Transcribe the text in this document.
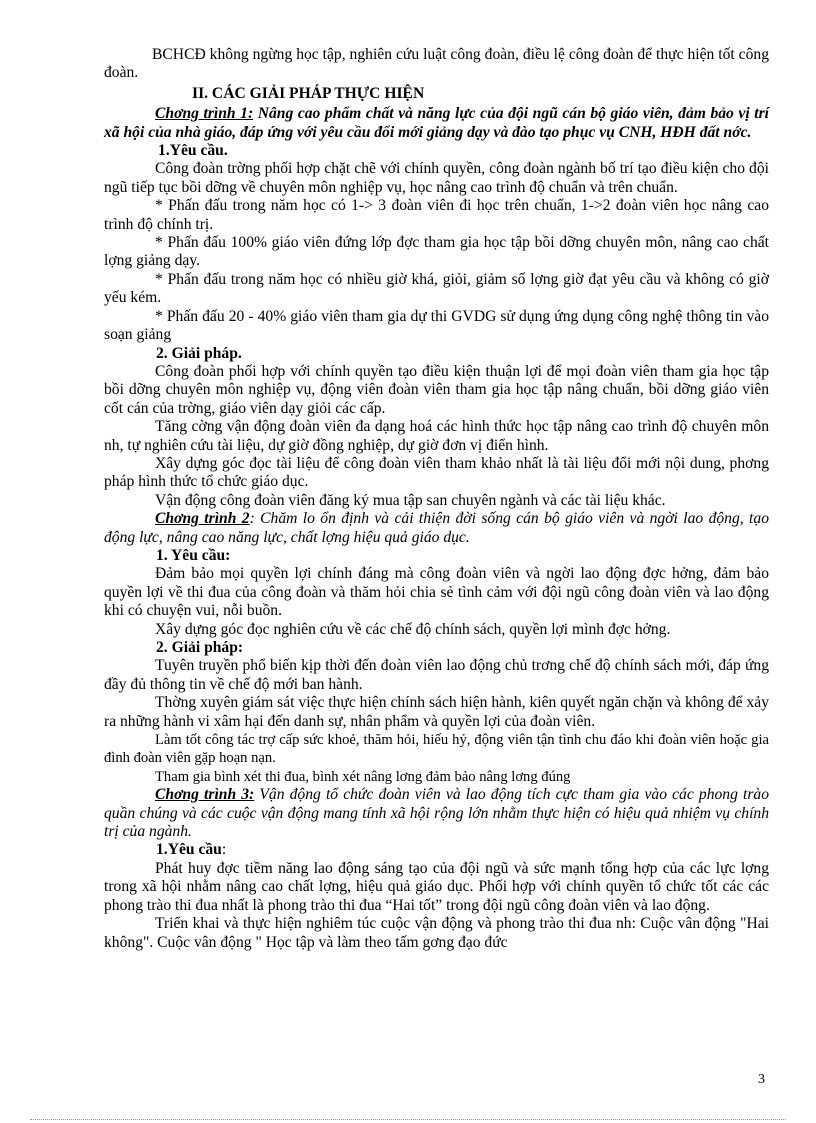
BCHCĐ không ngừng học tập, nghiên cứu luật công đoàn, điều lệ công đoàn để thực hiện tốt công đoàn.

II. CÁC GIẢI PHÁP THỰC HIỆN

Chơng trình 1: Nâng cao phẩm chất và năng lực của đội ngũ cán bộ giáo viên, đảm bảo vị trí xã hội của nhà giáo, đáp ứng với yêu cầu đổi mới giảng dạy và đào tạo phục vụ CNH, HĐH đất nớc.

1.Yêu cầu.

Công đoàn trờng phối hợp chặt chẽ với chính quyền, công đoàn ngành bố trí tạo điều kiện cho đội ngũ tiếp tục bồi dỡng về chuyên môn nghiệp vụ, học nâng cao trình độ chuẩn và trên chuẩn.

* Phấn đấu trong năm học có 1-> 3 đoàn viên đi học trên chuẩn, 1->2 đoàn viên học nâng cao trình độ chính trị.

* Phấn đấu 100% giáo viên đứng lớp đợc tham gia học tập bồi dỡng chuyên môn, nâng cao chất lợng giảng dạy.

* Phấn đấu trong năm học có nhiều giờ khá, giỏi, giảm số lợng giờ đạt yêu cầu và không có giờ yếu kém.

* Phấn đấu 20 - 40% giáo viên tham gia dự thi GVDG sử dụng ứng dụng công nghệ thông tin vào soạn giảng

2. Giải pháp.

Công đoàn phối hợp với chính quyền tạo điều kiện thuận lợi để mọi đoàn viên tham gia học tập bồi dỡng chuyên môn nghiệp vụ, động viên đoàn viên tham gia học tập nâng chuẩn, bồi dỡng giáo viên cốt cán của trờng, giáo viên dạy giỏi các cấp.

Tăng cờng vận động đoàn viên đa dạng hoá các hình thức học tập nâng cao trình độ chuyên môn nh, tự nghiên cứu tài liệu, dự giờ đồng nghiệp, dự giờ đơn vị điển hình.

Xây dựng góc đọc tài liệu để công đoàn viên tham khảo nhất là tài liệu đổi mới nội dung, phơng pháp hình thức tổ chức giáo dục.

Vận động công đoàn viên đăng ký mua tập san chuyên ngành và các tài liệu khác.

Chơng trình 2: Chăm lo ổn định và cải thiện đời sống cán bộ giáo viên và ngời lao động, tạo động lực, nâng cao năng lực, chất lợng hiệu quả giáo dục.

1. Yêu cầu:

Đảm bảo mọi quyền lợi chính đáng mà công đoàn viên và ngời lao động đợc hởng, đảm bảo quyền lợi về thi đua của công đoàn và thăm hỏi chia sẻ tình cảm với đội ngũ công đoàn viên và lao động khi có chuyện vui, nỗi buồn.

Xây dựng góc đọc nghiên cứu về các chế độ chính sách, quyền lợi mình đợc hởng.

2. Giải pháp:

Tuyên truyền phổ biến kịp thời đến đoàn viên lao động chủ trơng chế độ chính sách mới, đáp ứng đầy đủ thông tin về chế độ mới ban hành.

Thờng xuyên giám sát việc thực hiện chính sách hiện hành, kiên quyết ngăn chặn và không để xảy ra những hành vi xâm hại đến danh sự, nhân phẩm và quyền lợi của đoàn viên.

Làm tốt công tác trợ cấp sức khoẻ, thăm hỏi, hiếu hỷ, động viên tận tình chu đáo khi đoàn viên hoặc gia đình đoàn viên gặp hoạn nạn.

Tham gia bình xét thi đua, bình xét nâng lơng đảm bảo nâng lơng đúng

Chơng trình 3: Vận động tổ chức đoàn viên và lao động tích cực tham gia vào các phong trào quần chúng và các cuộc vận động mang tính xã hội rộng lớn nhằm thực hiện có hiệu quả nhiệm vụ chính trị của ngành.

1.Yêu cầu:

Phát huy đợc tiềm năng lao động sáng tạo của đội ngũ và sức mạnh tổng hợp của các lực lợng trong xã hội nhằm nâng cao chất lợng, hiệu quả giáo dục. Phối hợp với chính quyền tổ chức tốt các các phong trào thi đua nhất là phong trào thi đua “Hai tốt” trong đội ngũ công đoàn viên và lao động.

Triển khai và thực hiện nghiêm túc cuộc vận động và phong trào thi đua nh: Cuộc vân động "Hai không". Cuộc vân động " Học tập và làm theo tấm gơng đạo đức

3
